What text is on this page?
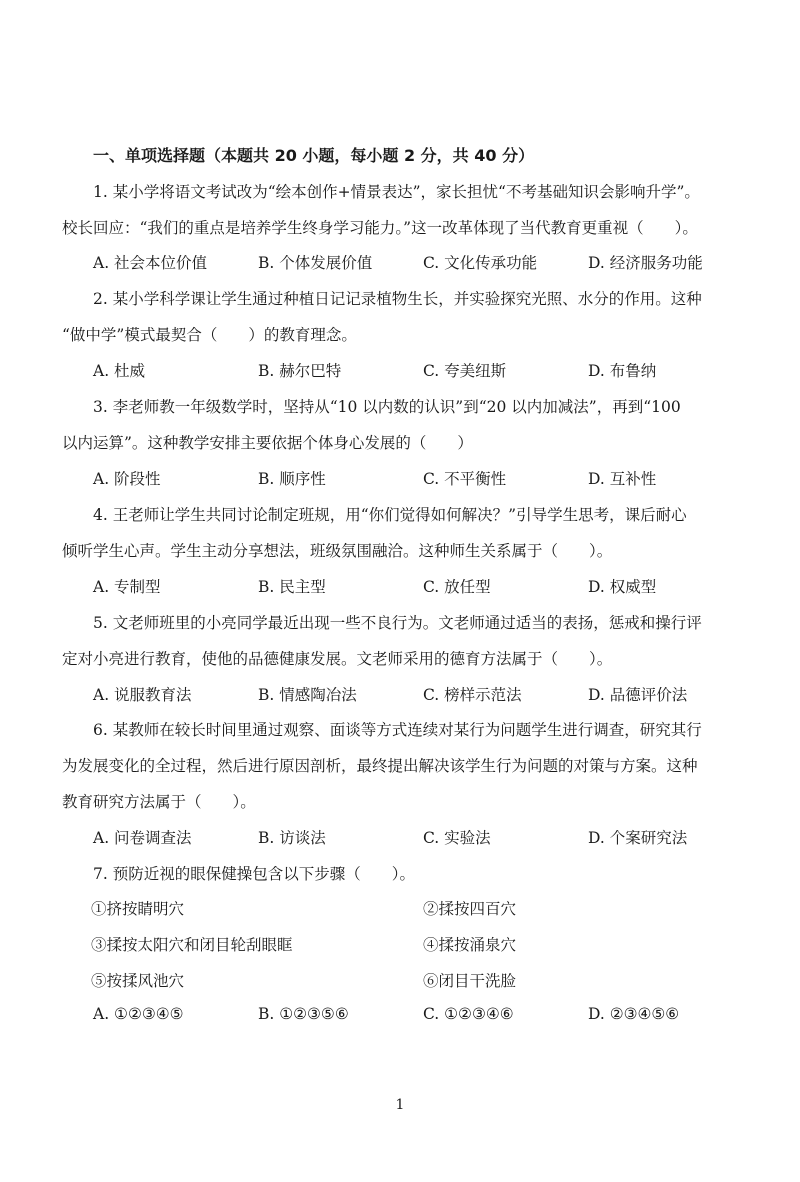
一、单项选择题（本题共 20 小题，每小题 2 分，共 40 分）
1. 某小学将语文考试改为“绘本创作+情景表达”，家长担忧“不考基础知识会影响升学”。
校长回应：“我们的重点是培养学生终身学习能力。”这一改革体现了当代教育更重视（　　）。
A. 社会本位价值	B. 个体发展价值	C. 文化传承功能	D. 经济服务功能
2. 某小学科学课让学生通过种植日记记录植物生长，并实验探究光照、水分的作用。这种
“做中学”模式最契合（　　）的教育理念。
A. 杜威	B. 赫尔巴特	C. 夸美纽斯	D. 布鲁纳
3. 李老师教一年级数学时，坚持从“10 以内数的认识”到“20 以内加减法”，再到“100
以内运算”。这种教学安排主要依据个体身心发展的（　　）
A. 阶段性	B. 顺序性	C. 不平衡性	D. 互补性
4. 王老师让学生共同讨论制定班规，用“你们觉得如何解决？”引导学生思考，课后耐心
倾听学生心声。学生主动分享想法，班级氛围融洽。这种师生关系属于（　　）。
A. 专制型	B. 民主型	C. 放任型	D. 权威型
5. 文老师班里的小亮同学最近出现一些不良行为。文老师通过适当的表扬，惩戒和操行评
定对小亮进行教育，使他的品德健康发展。文老师采用的德育方法属于（　　）。
A. 说服教育法	B. 情感陶冶法	C. 榜样示范法	D. 品德评价法
6. 某教师在较长时间里通过观察、面谈等方式连续对某行为问题学生进行调查，研究其行
为发展变化的全过程，然后进行原因剖析，最终提出解决该学生行为问题的对策与方案。这种
教育研究方法属于（　　）。
A. 问卷调查法	B. 访谈法	C. 实验法	D. 个案研究法
7. 预防近视的眼保健操包含以下步骤（　　）。
①挤按睛明穴	②揉按四百穴
③揉按太阳穴和闭目轮刮眼眶	④揉按涌泉穴
⑤按揉风池穴	⑥闭目干洗脸
A. ①②③④⑤	B. ①②③⑤⑥	C. ①②③④⑥	D. ②③④⑤⑥
1
